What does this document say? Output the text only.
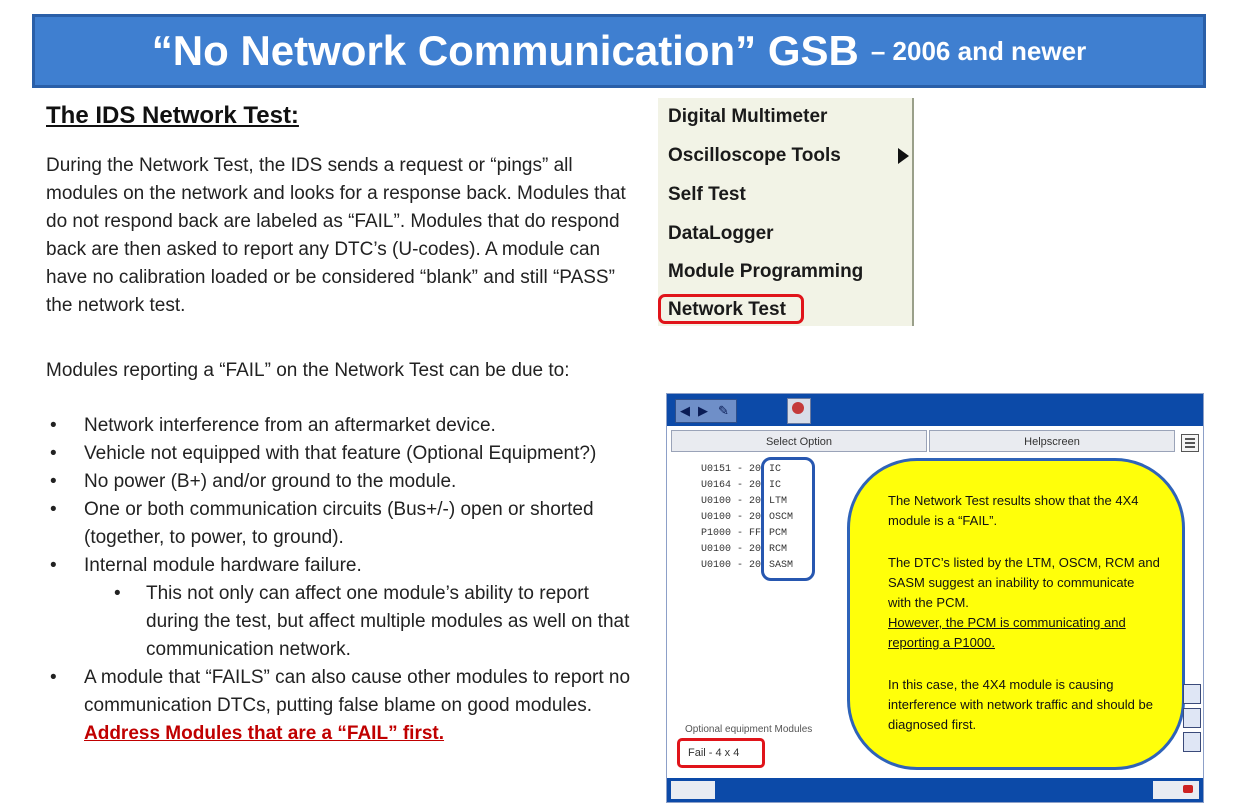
“No Network Communication” GSB – 2006 and newer
The IDS Network Test:
During the Network Test, the IDS sends a request or “pings” all modules on the network and looks for a response back. Modules that do not respond back are labeled as “FAIL”. Modules that do respond back are then asked to report any DTC’s (U-codes). A module can have no calibration loaded or be considered “blank” and still “PASS” the network test.
Modules reporting a “FAIL” on the Network Test can be due to:
• Network interference from an aftermarket device.
• Vehicle not equipped with that feature (Optional Equipment?)
• No power (B+) and/or ground to the module.
• One or both communication circuits (Bus+/-) open or shorted (together, to power, to ground).
• Internal module hardware failure.
• This not only can affect one module’s ability to report during the test, but affect multiple modules as well on that communication network.
• A module that “FAILS” can also cause other modules to report no communication DTCs, putting false blame on good modules. Address Modules that are a “FAIL” first.
Digital Multimeter
Oscilloscope Tools
Self Test
DataLogger
Module Programming
Network Test
◀ ▶ ✎
Select Option	Helpscreen
U0151 - 20 IC
U0164 - 20 IC
U0100 - 20 LTM
U0100 - 20 OSCM
P1000 - FF PCM
U0100 - 20 RCM
U0100 - 20 SASM
The Network Test results show that the 4X4 module is a “FAIL”.
The DTC’s listed by the LTM, OSCM, RCM and SASM suggest an inability to communicate with the PCM.
However, the PCM is communicating and reporting a P1000.
In this case, the 4X4 module is causing interference with network traffic and should be diagnosed first.
Optional equipment Modules
Fail - 4 x 4
